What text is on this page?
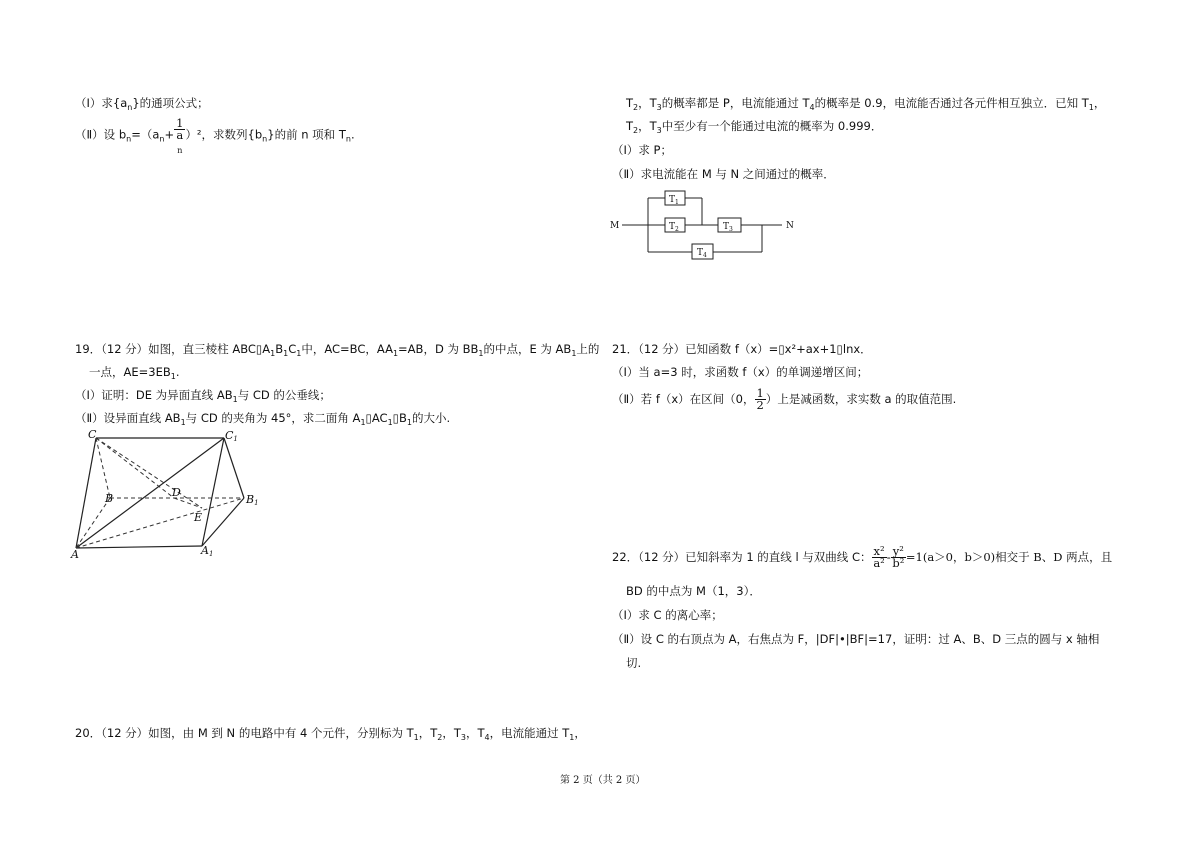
（Ⅰ）求$\{a_n\}$的通项公式；
（Ⅱ）设 $b_n=(a_n+ 1$
a
$_n$ ）²，求数列$\{b_n\}$的前 n 项和 $T_n$.
19．（12 分）如图，直三棱柱 $ABC▯A_1B_1C_1$中，AC=BC，$AA_1=AB$，D 为 $BB_1$的中点，E 为 $AB_1$上的
一点，$AE=3EB_1$.
（Ⅰ）证明：DE 为异面直线 $AB_1$与 CD 的公垂线；
（Ⅱ）设异面直线 $AB_1$与 CD 的夹角为 45°，求二面角 $A_1▯AC_1▯B_1$的大小.
C	C1
B	D
B1
E
A	A1
20．（12 分）如图，由 M 到 N 的电路中有 4 个元件，分别标为 $T_1$，$T_2$，$T_3$，$T_4$，电流能通过 $T_1$，
$T_2$，$T_3$的概率都是 P，电流能通过 $T_4$的概率是 0.9，电流能否通过各元件相互独立．已知 $T_1$，
$T_2$，$T_3$中至少有一个能通过电流的概率为 0.999．
（Ⅰ）求 P；
（Ⅱ）求电流能在 M 与 N 之间通过的概率．
M	N
$T_1$
$T_2$	$T_3$
$T_4$
21．（12 分）已知函数 f（x）=▯x²+ax+1▯lnx．
（Ⅰ）当 a=3 时，求函数 f（x）的单调递增区间；
（Ⅱ）若 f（x）在区间（0， $\frac{1}{2}$ ）上是减函数，求实数 a 的取值范围.
22．（12 分）已知斜率为 1 的直线 l 与双曲线 C： $\frac{\text{x²}}{\text{a²}} - \frac{\text{y²}}{\text{b²}} =1(a>0$，b＞0)相交于 B、D 两点，且
BD 的中点为 M（1，3）．
（Ⅰ）求 C 的离心率；
（Ⅱ）设 C 的右顶点为 A，右焦点为 F，|DF|•|BF|=17，证明：过 A、B、D 三点的圆与 x 轴相
切.
第 2 页（共 2 页）
